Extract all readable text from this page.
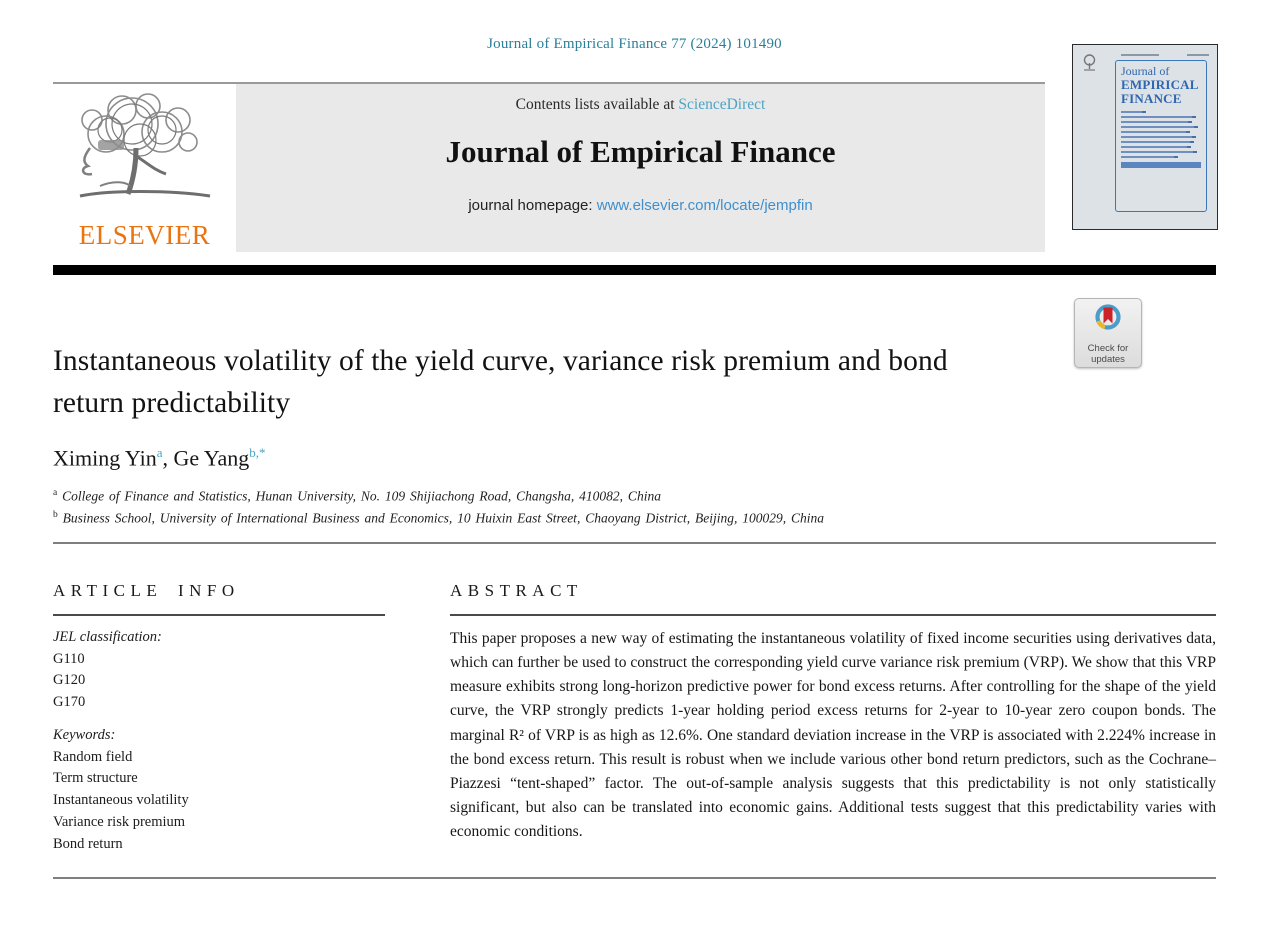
Journal of Empirical Finance 77 (2024) 101490
ELSEVIER
Contents lists available at ScienceDirect
Journal of Empirical Finance
journal homepage: www.elsevier.com/locate/jempfin
Journal of
EMPIRICAL
FINANCE
Check for
updates
Instantaneous volatility of the yield curve, variance risk premium and bond return predictability
Ximing Yin$^a$, Ge Yang$^{b,*}$
$^a$ College of Finance and Statistics, Hunan University, No. 109 Shijiachong Road, Changsha, 410082, China
$^b$ Business School, University of International Business and Economics, 10 Huixin East Street, Chaoyang District, Beijing, 100029, China
ARTICLE INFO
JEL classification:
G110
G120
G170
Keywords:
Random field
Term structure
Instantaneous volatility
Variance risk premium
Bond return
ABSTRACT
This paper proposes a new way of estimating the instantaneous volatility of fixed income securities using derivatives data, which can further be used to construct the corresponding yield curve variance risk premium (VRP). We show that this VRP measure exhibits strong long-horizon predictive power for bond excess returns. After controlling for the shape of the yield curve, the VRP strongly predicts 1-year holding period excess returns for 2-year to 10-year zero coupon bonds. The marginal R² of VRP is as high as 12.6%. One standard deviation increase in the VRP is associated with 2.224% increase in the bond excess return. This result is robust when we include various other bond return predictors, such as the Cochrane–Piazzesi “tent-shaped” factor. The out-of-sample analysis suggests that this predictability is not only statistically significant, but also can be translated into economic gains. Additional tests suggest that this predictability varies with economic conditions.
